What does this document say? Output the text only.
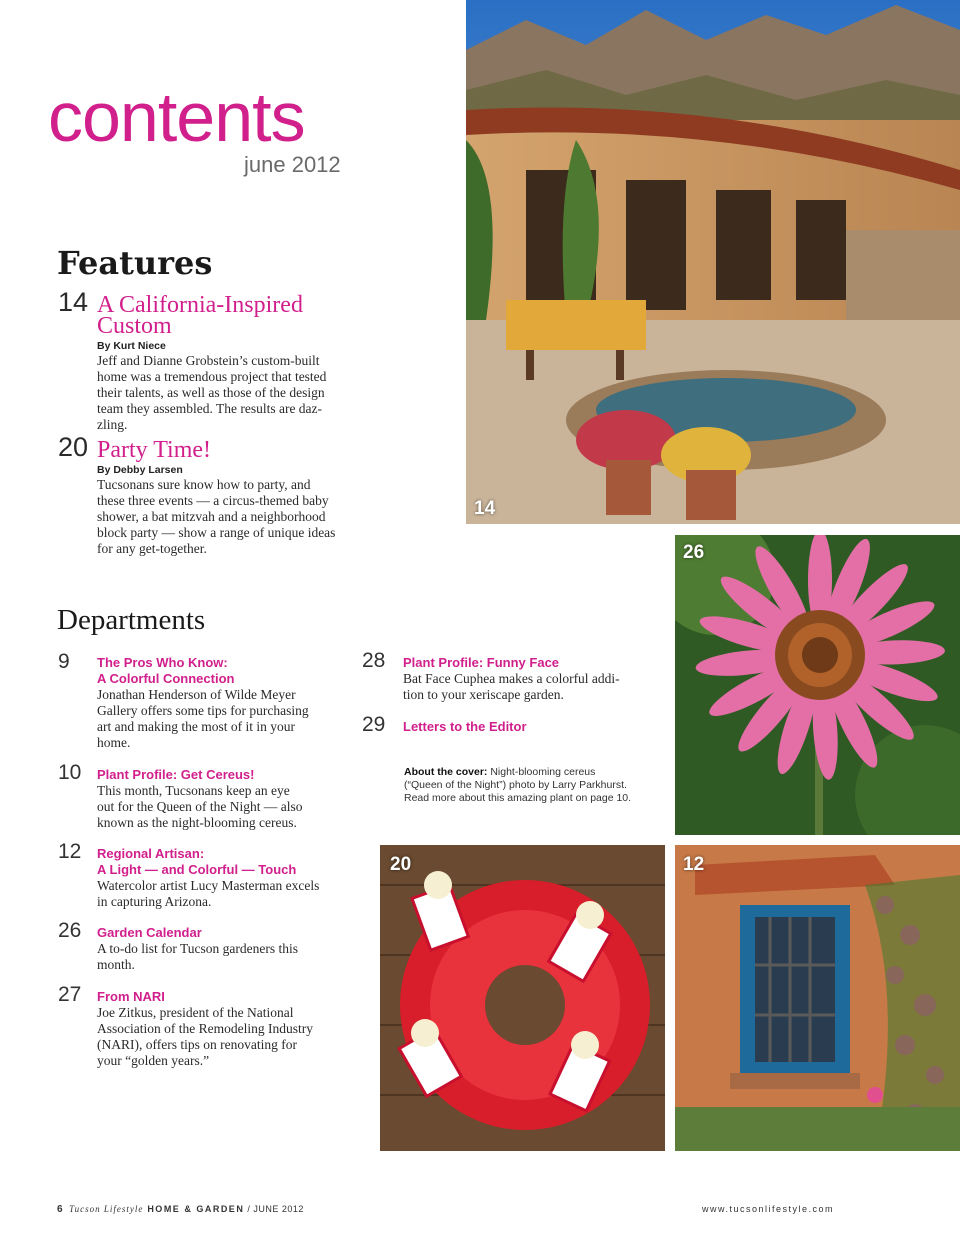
contents
june 2012
Features
14 A California-Inspired Custom
By Kurt Niece
Jeff and Dianne Grobstein’s custom-built
home was a tremendous project that tested
their talents, as well as those of the design
team they assembled. The results are daz-
zling.
20 Party Time!
By Debby Larsen
Tucsonans sure know how to party, and
these three events — a circus-themed baby
shower, a bat mitzvah and a neighborhood
block party — show a range of unique ideas
for any get-together.
Departments
9 The Pros Who Know:
A Colorful Connection
Jonathan Henderson of Wilde Meyer
Gallery offers some tips for purchasing
art and making the most of it in your
home.
10 Plant Profile: Get Cereus!
This month, Tucsonans keep an eye
out for the Queen of the Night — also
known as the night-blooming cereus.
12 Regional Artisan:
A Light — and Colorful — Touch
Watercolor artist Lucy Masterman excels
in capturing Arizona.
26 Garden Calendar
A to-do list for Tucson gardeners this
month.
27 From NARI
Joe Zitkus, president of the National
Association of the Remodeling Industry
(NARI), offers tips on renovating for
your “golden years.”
28 Plant Profile: Funny Face
Bat Face Cuphea makes a colorful addi-
tion to your xeriscape garden.
29 Letters to the Editor
About the cover: Night-blooming cereus
(“Queen of the Night”) photo by Larry Parkhurst.
Read more about this amazing plant on page 10.
14
26
20	12
6 Tucson Lifestyle HOME & GARDEN / JUNE 2012	www.tucsonlifestyle.com
